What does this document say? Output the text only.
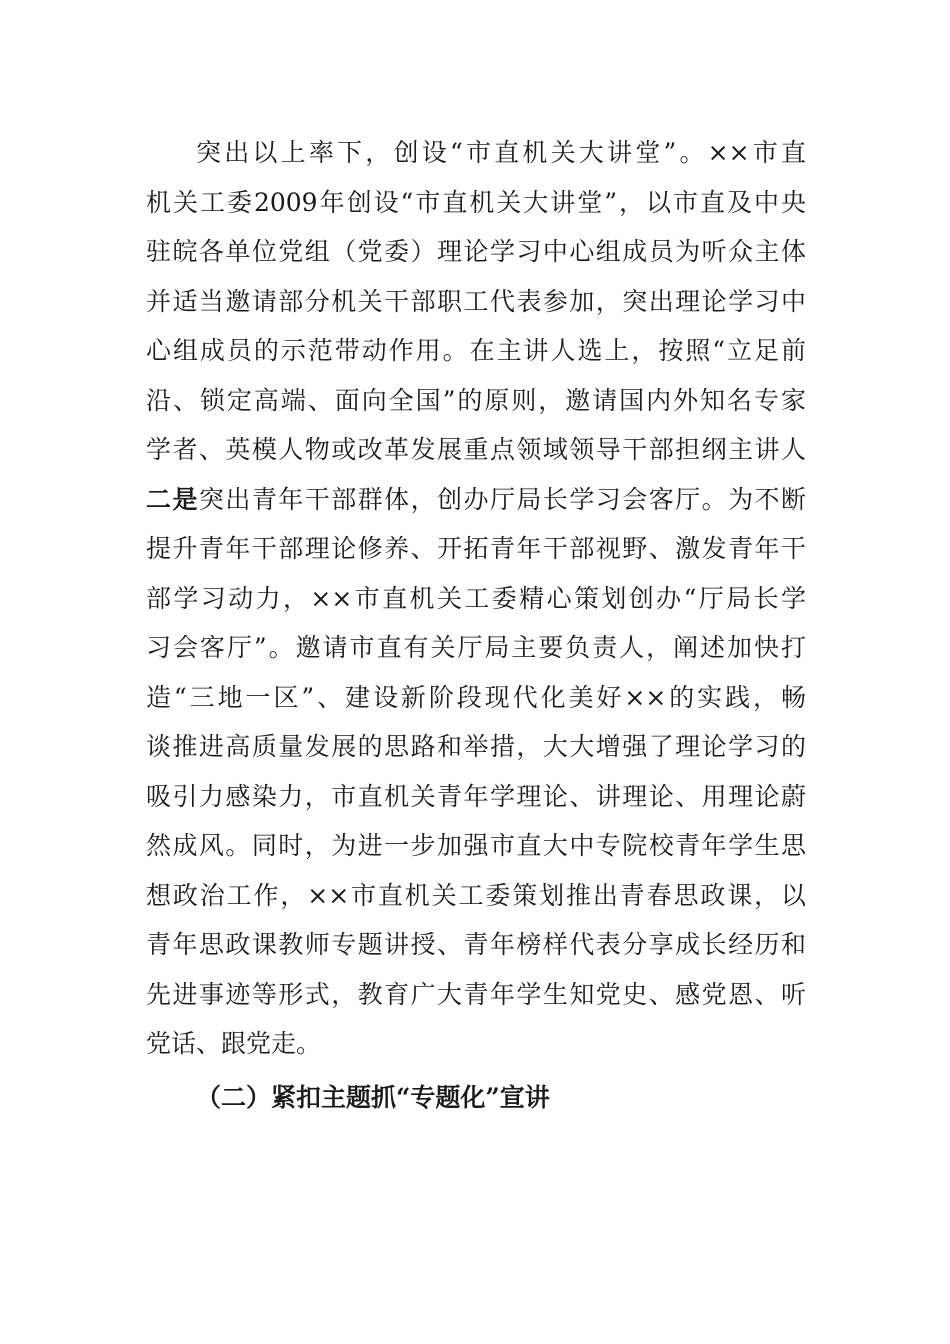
突出以上率下，创设“市直机关大讲堂”。××市直
机关工委2009年创设“市直机关大讲堂”，以市直及中央
驻皖各单位党组（党委）理论学习中心组成员为听众主体
并适当邀请部分机关干部职工代表参加，突出理论学习中
心组成员的示范带动作用。在主讲人选上，按照“立足前
沿、锁定高端、面向全国”的原则，邀请国内外知名专家
学者、英模人物或改革发展重点领域领导干部担纲主讲人
二是突出青年干部群体，创办厅局长学习会客厅。为不断
提升青年干部理论修养、开拓青年干部视野、激发青年干
部学习动力，××市直机关工委精心策划创办“厅局长学
习会客厅”。邀请市直有关厅局主要负责人，阐述加快打
造“三地一区”、建设新阶段现代化美好××的实践，畅
谈推进高质量发展的思路和举措，大大增强了理论学习的
吸引力感染力，市直机关青年学理论、讲理论、用理论蔚
然成风。同时，为进一步加强市直大中专院校青年学生思
想政治工作，××市直机关工委策划推出青春思政课，以
青年思政课教师专题讲授、青年榜样代表分享成长经历和
先进事迹等形式，教育广大青年学生知党史、感党恩、听
党话、跟党走。
（二）紧扣主题抓“专题化”宣讲
